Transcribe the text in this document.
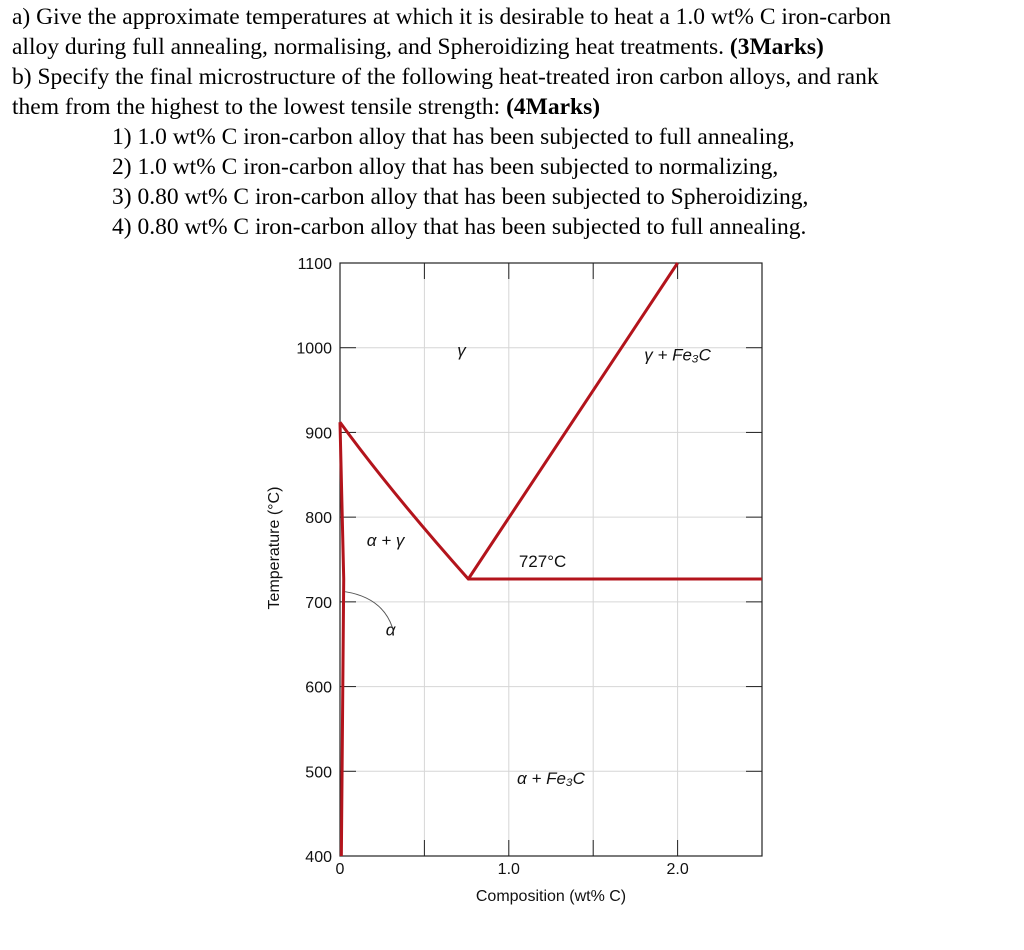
a) Give the approximate temperatures at which it is desirable to heat a 1.0 wt% C iron-carbon
alloy during full annealing, normalising, and Spheroidizing heat treatments. (3Marks)
b) Specify the final microstructure of the following heat-treated iron carbon alloys, and rank
them from the highest to the lowest tensile strength: (4Marks)
1) 1.0 wt% C iron-carbon alloy that has been subjected to full annealing,
2) 1.0 wt% C iron-carbon alloy that has been subjected to normalizing,
3) 0.80 wt% C iron-carbon alloy that has been subjected to Spheroidizing,
4) 0.80 wt% C iron-carbon alloy that has been subjected to full annealing.
1100
1000
900
800
700
600
500
400
0	1.0	2.0
γ	γ + Fe₃C
α + γ
727°C
α
α + Fe₃C
Temperature (°C)
Composition (wt% C)
